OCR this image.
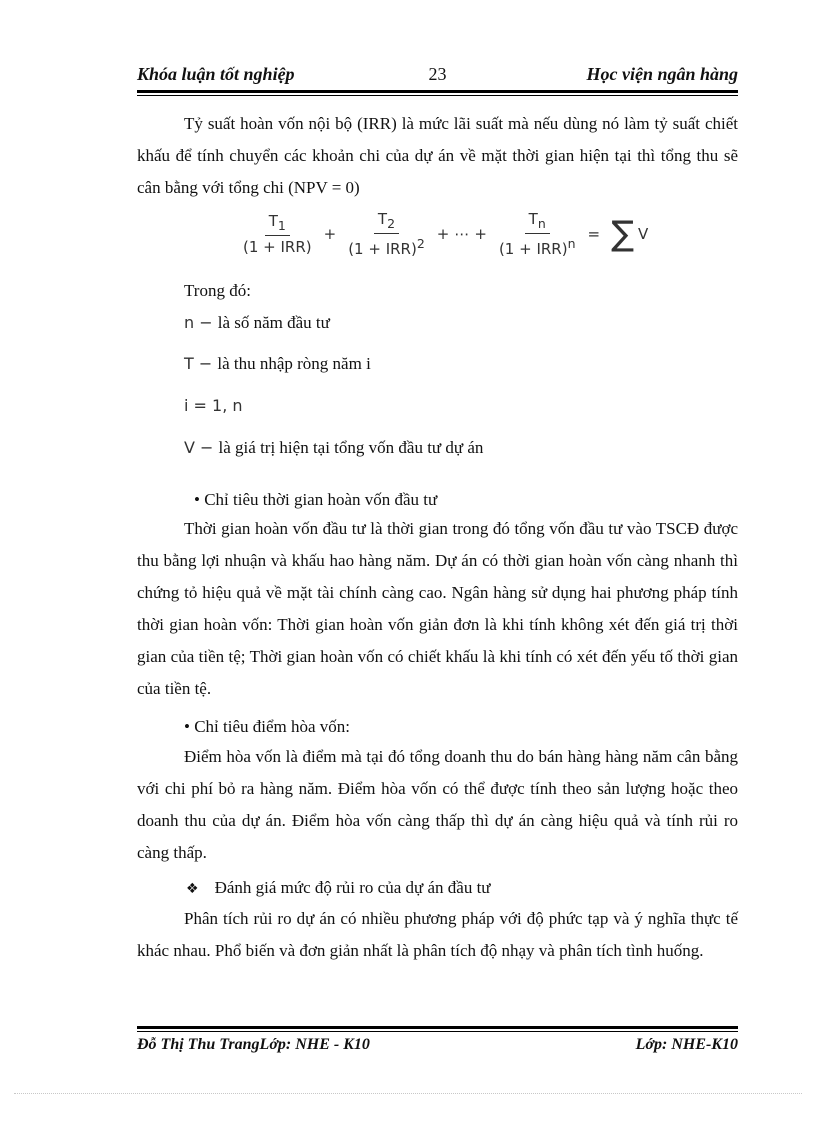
Khóa luận tốt nghiệp	23	Học viện ngân hàng

Tỷ suất hoàn vốn nội bộ (IRR) là mức lãi suất mà nếu dùng nó làm tỷ suất chiết khấu để tính chuyển các khoản chi của dự án về mặt thời gian hiện tại thì tổng thu sẽ cân bằng với tổng chi (NPV = 0)

$\frac{T_1}{\text{(1 + IRR)}} + \frac{T_2}{(1 + IRR)^2}$ + ⋯ + $\frac{T_n}{(1 + IRR)^n}$ = ∑ V
Trong đó:
n − là số năm đầu tư
T − là thu nhập ròng năm i
i = 1, n
V − là giá trị hiện tại tổng vốn đầu tư dự án
• Chỉ tiêu thời gian hoàn vốn đầu tư

Thời gian hoàn vốn đầu tư là thời gian trong đó tổng vốn đầu tư vào TSCĐ được thu bằng lợi nhuận và khấu hao hàng năm. Dự án có thời gian hoàn vốn càng nhanh thì chứng tỏ hiệu quả về mặt tài chính càng cao. Ngân hàng sử dụng hai phương pháp tính thời gian hoàn vốn: Thời gian hoàn vốn giản đơn là khi tính không xét đến giá trị thời gian của tiền tệ; Thời gian hoàn vốn có chiết khấu là khi tính có xét đến yếu tố thời gian của tiền tệ.

• Chỉ tiêu điểm hòa vốn:

Điểm hòa vốn là điểm mà tại đó tổng doanh thu do bán hàng hàng năm cân bằng với chi phí bỏ ra hàng năm. Điểm hòa vốn có thể được tính theo sản lượng hoặc theo doanh thu của dự án. Điểm hòa vốn càng thấp thì dự án càng hiệu quả và tính rủi ro càng thấp.

❖ Đánh giá mức độ rủi ro của dự án đầu tư

Phân tích rủi ro dự án có nhiều phương pháp với độ phức tạp và ý nghĩa thực tế khác nhau. Phổ biến và đơn giản nhất là phân tích độ nhạy và phân tích tình huống.

Đỗ Thị Thu TrangLớp: NHE - K10	Lớp: NHE-K10
